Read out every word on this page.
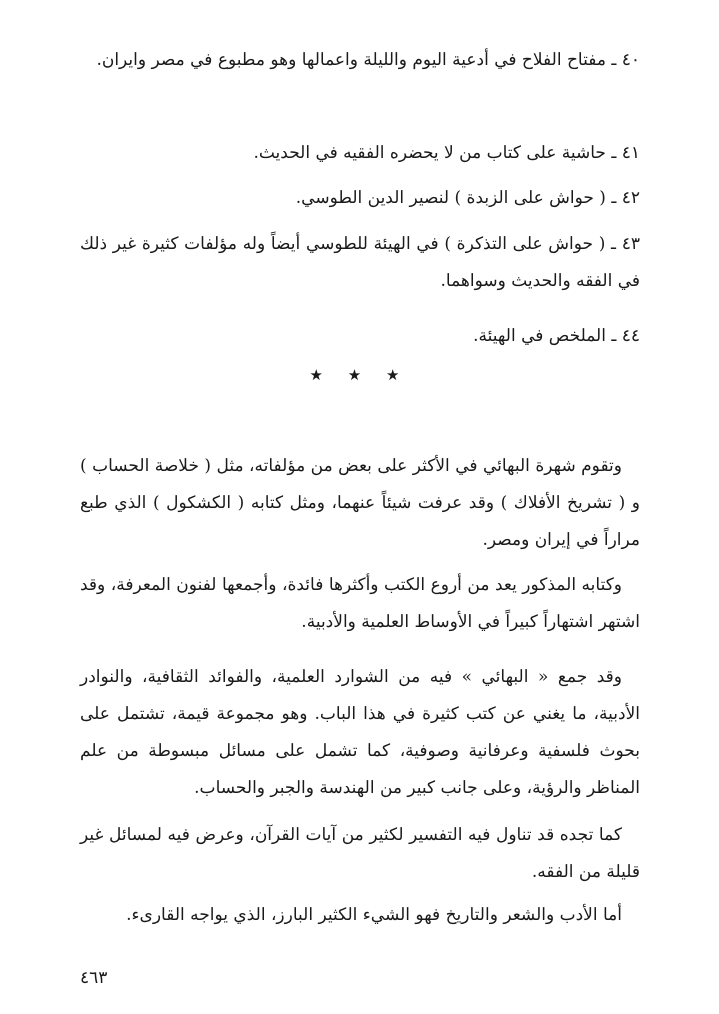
٤٠ ـ مفتاح الفلاح في أدعية اليوم والليلة واعمالها وهو مطبوع في مصر وايران.

٤١ ـ حاشية على كتاب من لا يحضره الفقيه في الحديث.

٤٢ ـ ( حواش على الزبدة ) لنصير الدين الطوسي.

٤٣ ـ ( حواش على التذكرة ) في الهيئة للطوسي أيضاً وله مؤلفات كثيرة غير ذلك في الفقه والحديث وسواهما.

٤٤ ـ الملخص في الهيئة.

★ ★ ★

وتقوم شهرة البهائي في الأكثر على بعض من مؤلفاته، مثل ( خلاصة الحساب ) و ( تشريخ الأفلاك ) وقد عرفت شيئاً عنهما، ومثل كتابه ( الكشكول ) الذي طبع مراراً في إيران ومصر.

وكتابه المذكور يعد من أروع الكتب وأكثرها فائدة، وأجمعها لفنون المعرفة، وقد اشتهر اشتهاراً كبيراً في الأوساط العلمية والأدبية.

وقد جمع « البهائي » فيه من الشوارد العلمية، والفوائد الثقافية، والنوادر الأدبية، ما يغني عن كتب كثيرة في هذا الباب. وهو مجموعة قيمة، تشتمل على بحوث فلسفية وعرفانية وصوفية، كما تشمل على مسائل مبسوطة من علم المناظر والرؤية، وعلى جانب كبير من الهندسة والجبر والحساب.

كما تجده قد تناول فيه التفسير لكثير من آيات القرآن، وعرض فيه لمسائل غير قليلة من الفقه.

أما الأدب والشعر والتاريخ فهو الشيء الكثير البارز، الذي يواجه القارىء.

٤٦٣
